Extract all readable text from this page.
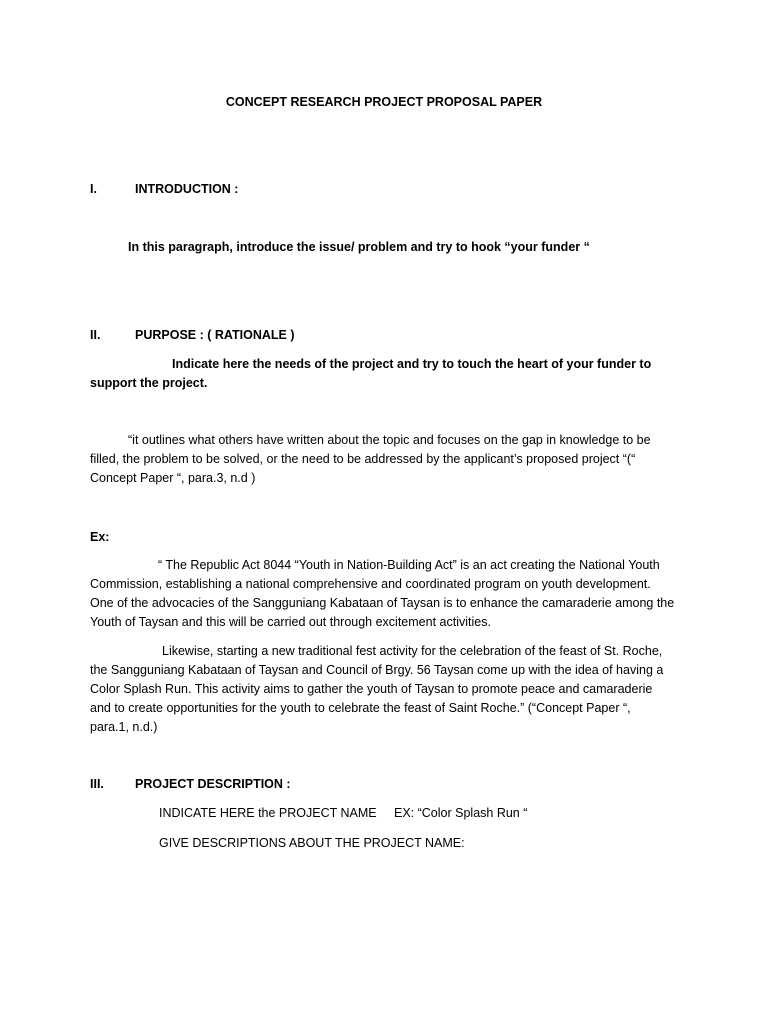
CONCEPT RESEARCH PROJECT PROPOSAL PAPER
I.	INTRODUCTION :
In this paragraph, introduce the issue/ problem and try to hook “your funder “
II.	PURPOSE : ( RATIONALE )
Indicate here the needs of the project and try to touch the heart of your funder to
support the project.
“it outlines what others have written about the topic and focuses on the gap in knowledge to be
filled, the problem to be solved, or the need to be addressed by the applicant’s proposed project “(“
Concept Paper “, para.3, n.d )
Ex:
“ The Republic Act 8044 “Youth in Nation-Building Act” is an act creating the National Youth
Commission, establishing a national comprehensive and coordinated program on youth development.
One of the advocacies of the Sangguniang Kabataan of Taysan is to enhance the camaraderie among the
Youth of Taysan and this will be carried out through excitement activities.
Likewise, starting a new traditional fest activity for the celebration of the feast of St. Roche,
the Sangguniang Kabataan of Taysan and Council of Brgy. 56 Taysan come up with the idea of having a
Color Splash Run. This activity aims to gather the youth of Taysan to promote peace and camaraderie
and to create opportunities for the youth to celebrate the feast of Saint Roche.” (“Concept Paper “,
para.1, n.d.)
III. PROJECT DESCRIPTION :
INDICATE HERE the PROJECT NAME     EX: “Color Splash Run “
GIVE DESCRIPTIONS ABOUT THE PROJECT NAME:
